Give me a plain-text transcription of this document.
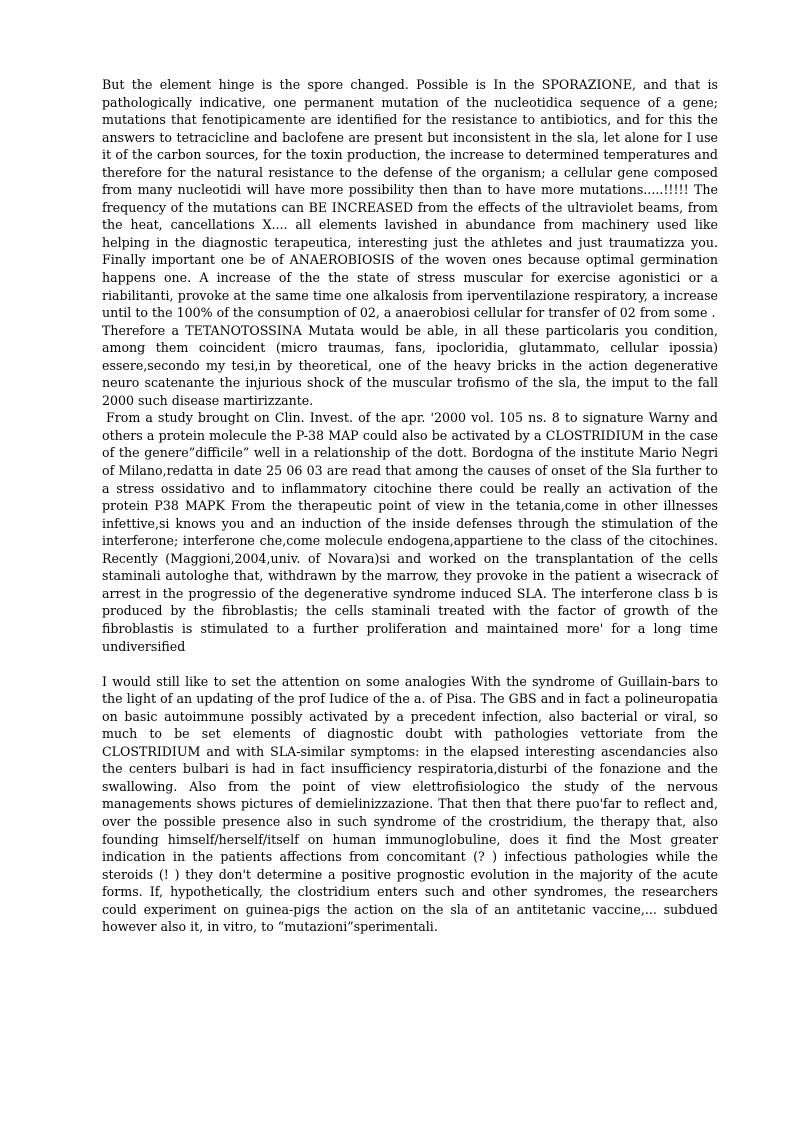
But the element hinge is the spore changed. Possible is In the SPORAZIONE, and that is pathologically indicative, one permanent mutation of the nucleotidica sequence of a gene; mutations that fenotipicamente are identified for the resistance to antibiotics, and for this the answers to tetracicline and baclofene are present but inconsistent in the sla, let alone for I use it of the carbon sources, for the toxin production, the increase to determined temperatures and therefore for the natural resistance to the defense of the organism; a cellular gene composed from many nucleotidi will have more possibility then than to have more mutations.....!!!!! The frequency of the mutations can BE INCREASED from the effects of the ultraviolet beams, from the heat, cancellations X.... all elements lavished in abundance from machinery used like helping in the diagnostic terapeutica, interesting just the athletes and just traumatizza you. Finally important one be of ANAEROBIOSIS of the woven ones because optimal germination happens one. A increase of the the state of stress muscular for exercise agonistici or a riabilitanti, provoke at the same time one alkalosis from iperventilazione respiratory, a increase until to the 100% of the consumption of 02, a anaerobiosi cellular for transfer of 02 from some .

Therefore a TETANOTOSSINA Mutata would be able, in all these particolaris you condition, among them coincident (micro traumas, fans, ipocloridia, glutammato, cellular ipossia) essere,secondo my tesi,in by theoretical, one of the heavy bricks in the action degenerative neuro scatenante the injurious shock of the muscular trofismo of the sla, the imput to the fall 2000 such disease martirizzante.

From a study brought on Clin. Invest. of the apr. '2000 vol. 105 ns. 8 to signature Warny and others a protein molecule the P-38 MAP could also be activated by a CLOSTRIDIUM in the case of the genere”difficile” well in a relationship of the dott. Bordogna of the institute Mario Negri of Milano,redatta in date 25 06 03 are read that among the causes of onset of the Sla further to a stress ossidativo and to inflammatory citochine there could be really an activation of the protein P38 MAPK From the therapeutic point of view in the tetania,come in other illnesses infettive,si knows you and an induction of the inside defenses through the stimulation of the interferone; interferone che,come molecule endogena,appartiene to the class of the citochines. Recently (Maggioni,2004,univ. of Novara)si and worked on the transplantation of the cells staminali autologhe that, withdrawn by the marrow, they provoke in the patient a wisecrack of arrest in the progressio of the degenerative syndrome induced SLA. The interferone class b is produced by the fibroblastis; the cells staminali treated with the factor of growth of the fibroblastis is stimulated to a further proliferation and maintained more' for a long time undiversified

I would still like to set the attention on some analogies With the syndrome of Guillain-bars to the light of an updating of the prof Iudice of the a. of Pisa. The GBS and in fact a polineuropatia on basic autoimmune possibly activated by a precedent infection, also bacterial or viral, so much to be set elements of diagnostic doubt with pathologies vettoriate from the CLOSTRIDIUM and with SLA-similar symptoms: in the elapsed interesting ascendancies also the centers bulbari is had in fact insufficiency respiratoria,disturbi of the fonazione and the swallowing. Also from the point of view elettrofisiologico the study of the nervous managements shows pictures of demielinizzazione. That then that there puo'far to reflect and, over the possible presence also in such syndrome of the crostridium, the therapy that, also founding himself/herself/itself on human immunoglobuline, does it find the Most greater indication in the patients affections from concomitant (? ) infectious pathologies while the steroids (! ) they don't determine a positive prognostic evolution in the majority of the acute forms. If, hypothetically, the clostridium enters such and other syndromes, the researchers could experiment on guinea-pigs the action on the sla of an antitetanic vaccine,... subdued however also it, in vitro, to “mutazioni”sperimentali.
